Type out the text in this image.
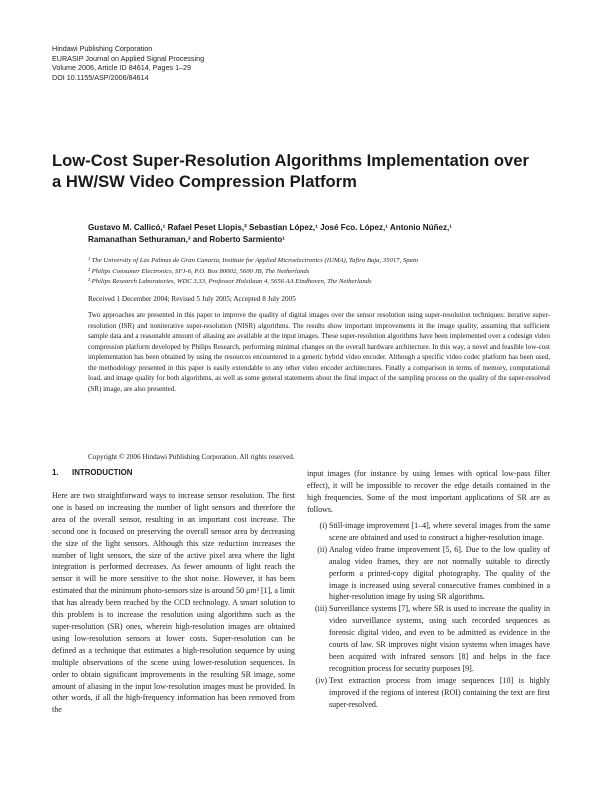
Hindawi Publishing Corporation
EURASIP Journal on Applied Signal Processing
Volume 2006, Article ID 84614, Pages 1–29
DOI 10.1155/ASP/2006/84614
Low-Cost Super-Resolution Algorithms Implementation over
a HW/SW Video Compression Platform
Gustavo M. Callicó,¹ Rafael Peset Llopis,² Sebastian López,¹ José Fco. López,¹ Antonio Núñez,¹
Ramanathan Sethuraman,³ and Roberto Sarmiento¹
¹ The University of Las Palmas de Gran Canaria, Institute for Applied Microelectronics (IUMA), Tafira Baja, 35017, Spain
² Philips Consumer Electronics, SFJ-6, P.O. Box 80002, 5600 JB, The Netherlands
³ Philips Research Laboratories, WDC 3.33, Professor Holstlaan 4, 5656 AA Eindhoven, The Netherlands
Received 1 December 2004; Revised 5 July 2005; Accepted 8 July 2005

Two approaches are presented in this paper to improve the quality of digital images over the sensor resolution using super-resolution techniques: iterative super-resolution (ISR) and noniterative super-resolution (NISR) algorithms. The results show important improvements in the image quality, assuming that sufficient sample data and a reasonable amount of aliasing are available at the input images. These super-resolution algorithms have been implemented over a codesign video compression platform developed by Philips Research, performing minimal changes on the overall hardware architecture. In this way, a novel and feasible low-cost implementation has been obtained by using the resources encountered in a generic hybrid video encoder. Although a specific video codec platform has been used, the methodology presented in this paper is easily extendable to any other video encoder architectures. Finally a comparison in terms of memory, computational load, and image quality for both algorithms, as well as some general statements about the final impact of the sampling process on the quality of the super-resolved (SR) image, are also presented.

Copyright © 2006 Hindawi Publishing Corporation. All rights reserved.
1. INTRODUCTION

Here are two straightforward ways to increase sensor resolution. The first one is based on increasing the number of light sensors and therefore the area of the overall sensor, resulting in an important cost increase. The second one is focused on preserving the overall sensor area by decreasing the size of the light sensors. Although this size reduction increases the number of light sensors, the size of the active pixel area where the light integration is performed decreases. As fewer amounts of light reach the sensor it will be more sensitive to the shot noise. However, it has been estimated that the minimum photo-sensors size is around 50 μm² [1], a limit that has already been reached by the CCD technology. A smart solution to this problem is to increase the resolution using algorithms such as the super-resolution (SR) ones, wherein high-resolution images are obtained using low-resolution sensors at lower costs. Super-resolution can be defined as a technique that estimates a high-resolution sequence by using multiple observations of the scene using lower-resolution sequences. In order to obtain significant improvements in the resulting SR image, some amount of aliasing in the input low-resolution images must be provided. In other words, if all the high-frequency information has been removed from the

input images (for instance by using lenses with optical low-pass filter effect), it will be impossible to recover the edge details contained in the high frequencies. Some of the most important applications of SR are as follows.

(i) Still-image improvement [1–4], where several images from the same scene are obtained and used to construct a higher-resolution image.
(ii) Analog video frame improvement [5, 6]. Due to the low quality of analog video frames, they are not normally suitable to directly perform a printed-copy digital photography. The quality of the image is increased using several consecutive frames combined in a higher-resolution image by using SR algorithms.
(iii) Surveillance systems [7], where SR is used to increase the quality in video surveillance systems, using such recorded sequences as forensic digital video, and even to be admitted as evidence in the courts of law. SR improves night vision systems when images have been acquired with infrared sensors [8] and helps in the face recognition process for security purposes [9].
(iv) Text extraction process from image sequences [10] is highly improved if the regions of interest (ROI) containing the text are first super-resolved.
